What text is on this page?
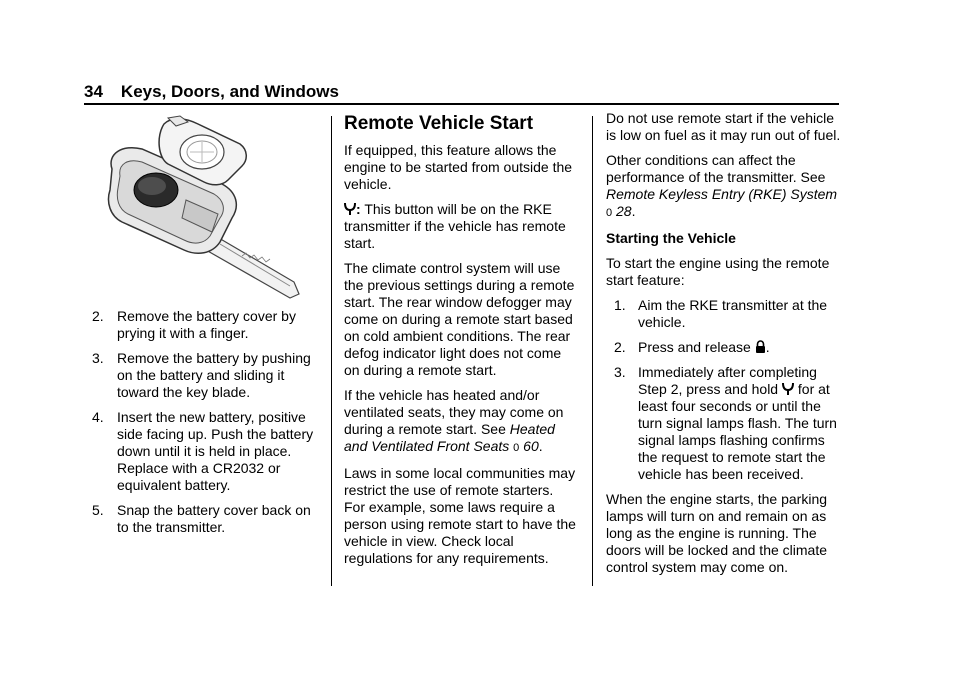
34 Keys, Doors, and Windows
2. Remove the battery cover by prying it with a finger.
3. Remove the battery by pushing on the battery and sliding it toward the key blade.
4. Insert the new battery, positive side facing up. Push the battery down until it is held in place. Replace with a CR2032 or equivalent battery.
5. Snap the battery cover back on to the transmitter.
Remote Vehicle Start

If equipped, this feature allows the engine to be started from outside the vehicle.

: This button will be on the RKE transmitter if the vehicle has remote start.

The climate control system will use the previous settings during a remote start. The rear window defogger may come on during a remote start based on cold ambient conditions. The rear defog indicator light does not come on during a remote start.

If the vehicle has heated and/or ventilated seats, they may come on during a remote start. See Heated and Ventilated Front Seats 0 60.

Laws in some local communities may restrict the use of remote starters. For example, some laws require a person using remote start to have the vehicle in view. Check local regulations for any requirements.

Do not use remote start if the vehicle is low on fuel as it may run out of fuel.

Other conditions can affect the performance of the transmitter. See Remote Keyless Entry (RKE) System 0 28.

Starting the Vehicle

To start the engine using the remote start feature:

1. Aim the RKE transmitter at the vehicle.
2. Press and release .
3. Immediately after completing Step 2, press and hold for at least four seconds or until the turn signal lamps flash. The turn signal lamps flashing confirms the request to remote start the vehicle has been received.

When the engine starts, the parking lamps will turn on and remain on as long as the engine is running. The doors will be locked and the climate control system may come on.
